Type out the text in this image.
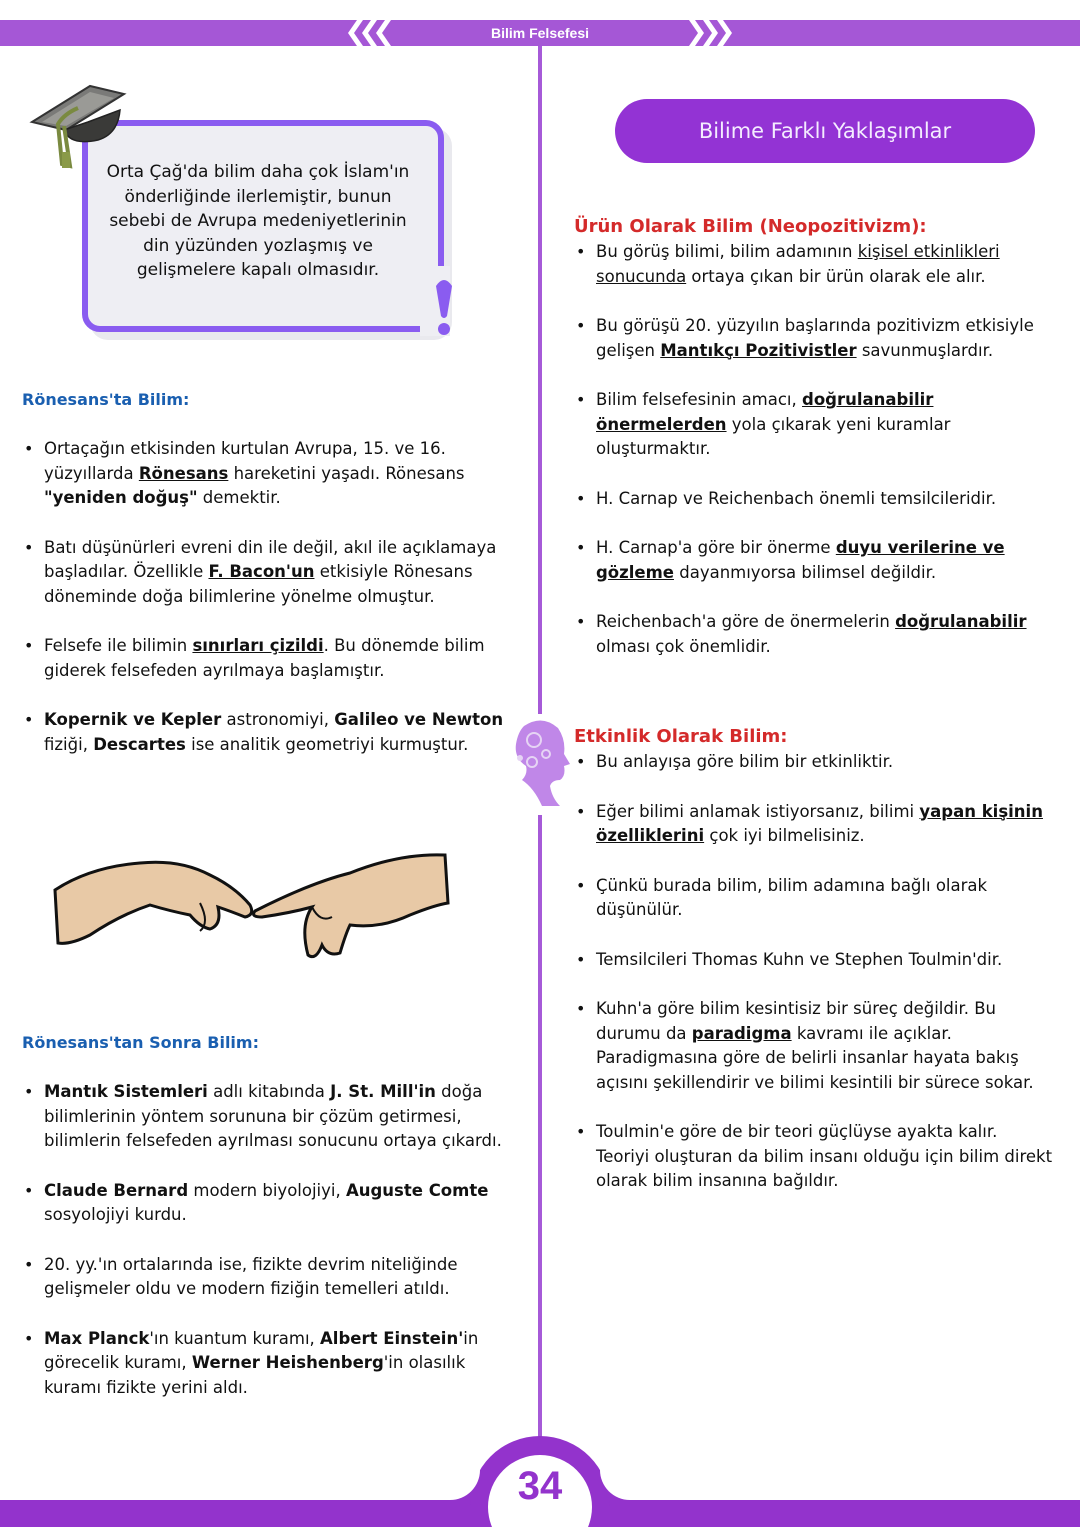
Bilim Felsefesi
Orta Çağ'da bilim daha çok İslam'ın
önderliğinde ilerlemiştir, bunun
sebebi de Avrupa medeniyetlerinin
din yüzünden yozlaşmış ve
gelişmelere kapalı olmasıdır.
Rönesans'ta Bilim:
• Ortaçağın etkisinden kurtulan Avrupa, 15. ve 16. yüzyıllarda Rönesans hareketini yaşadı. Rönesans "yeniden doğuş" demektir.
• Batı düşünürleri evreni din ile değil, akıl ile açıklamaya başladılar. Özellikle F. Bacon'un etkisiyle Rönesans döneminde doğa bilimlerine yönelme olmuştur.
• Felsefe ile bilimin sınırları çizildi. Bu dönemde bilim giderek felsefeden ayrılmaya başlamıştır.
• Kopernik ve Kepler astronomiyi, Galileo ve Newton fiziği, Descartes ise analitik geometriyi kurmuştur.
Rönesans'tan Sonra Bilim:
• Mantık Sistemleri adlı kitabında J. St. Mill'in doğa bilimlerinin yöntem sorununa bir çözüm getirmesi, bilimlerin felsefeden ayrılması sonucunu ortaya çıkardı.
• Claude Bernard modern biyolojiyi, Auguste Comte sosyolojiyi kurdu.
• 20. yy.'ın ortalarında ise, fizikte devrim niteliğinde gelişmeler oldu ve modern fiziğin temelleri atıldı.
• Max Planck'ın kuantum kuramı, Albert Einstein'in görecelik kuramı, Werner Heishenberg'in olasılık kuramı fizikte yerini aldı.
Bilime Farklı Yaklaşımlar
Ürün Olarak Bilim (Neopozitivizm):
• Bu görüş bilimi, bilim adamının kişisel etkinlikleri sonucunda ortaya çıkan bir ürün olarak ele alır.
• Bu görüşü 20. yüzyılın başlarında pozitivizm etkisiyle gelişen Mantıkçı Pozitivistler savunmuşlardır.
• Bilim felsefesinin amacı, doğrulanabilir önermelerden yola çıkarak yeni kuramlar oluşturmaktır.
• H. Carnap ve Reichenbach önemli temsilcileridir.
• H. Carnap'a göre bir önerme duyu verilerine ve gözleme dayanmıyorsa bilimsel değildir.
• Reichenbach'a göre de önermelerin doğrulanabilir olması çok önemlidir.
Etkinlik Olarak Bilim:
• Bu anlayışa göre bilim bir etkinliktir.
• Eğer bilimi anlamak istiyorsanız, bilimi yapan kişinin özelliklerini çok iyi bilmelisiniz.
• Çünkü burada bilim, bilim adamına bağlı olarak düşünülür.
• Temsilcileri Thomas Kuhn ve Stephen Toulmin'dir.
• Kuhn'a göre bilim kesintisiz bir süreç değildir. Bu durumu da paradigma kavramı ile açıklar. Paradigmasına göre de belirli insanlar hayata bakış açısını şekillendirir ve bilimi kesintili bir sürece sokar.
• Toulmin'e göre de bir teori güçlüyse ayakta kalır. Teoriyi oluşturan da bilim insanı olduğu için bilim direkt olarak bilim insanına bağıldır.
34
